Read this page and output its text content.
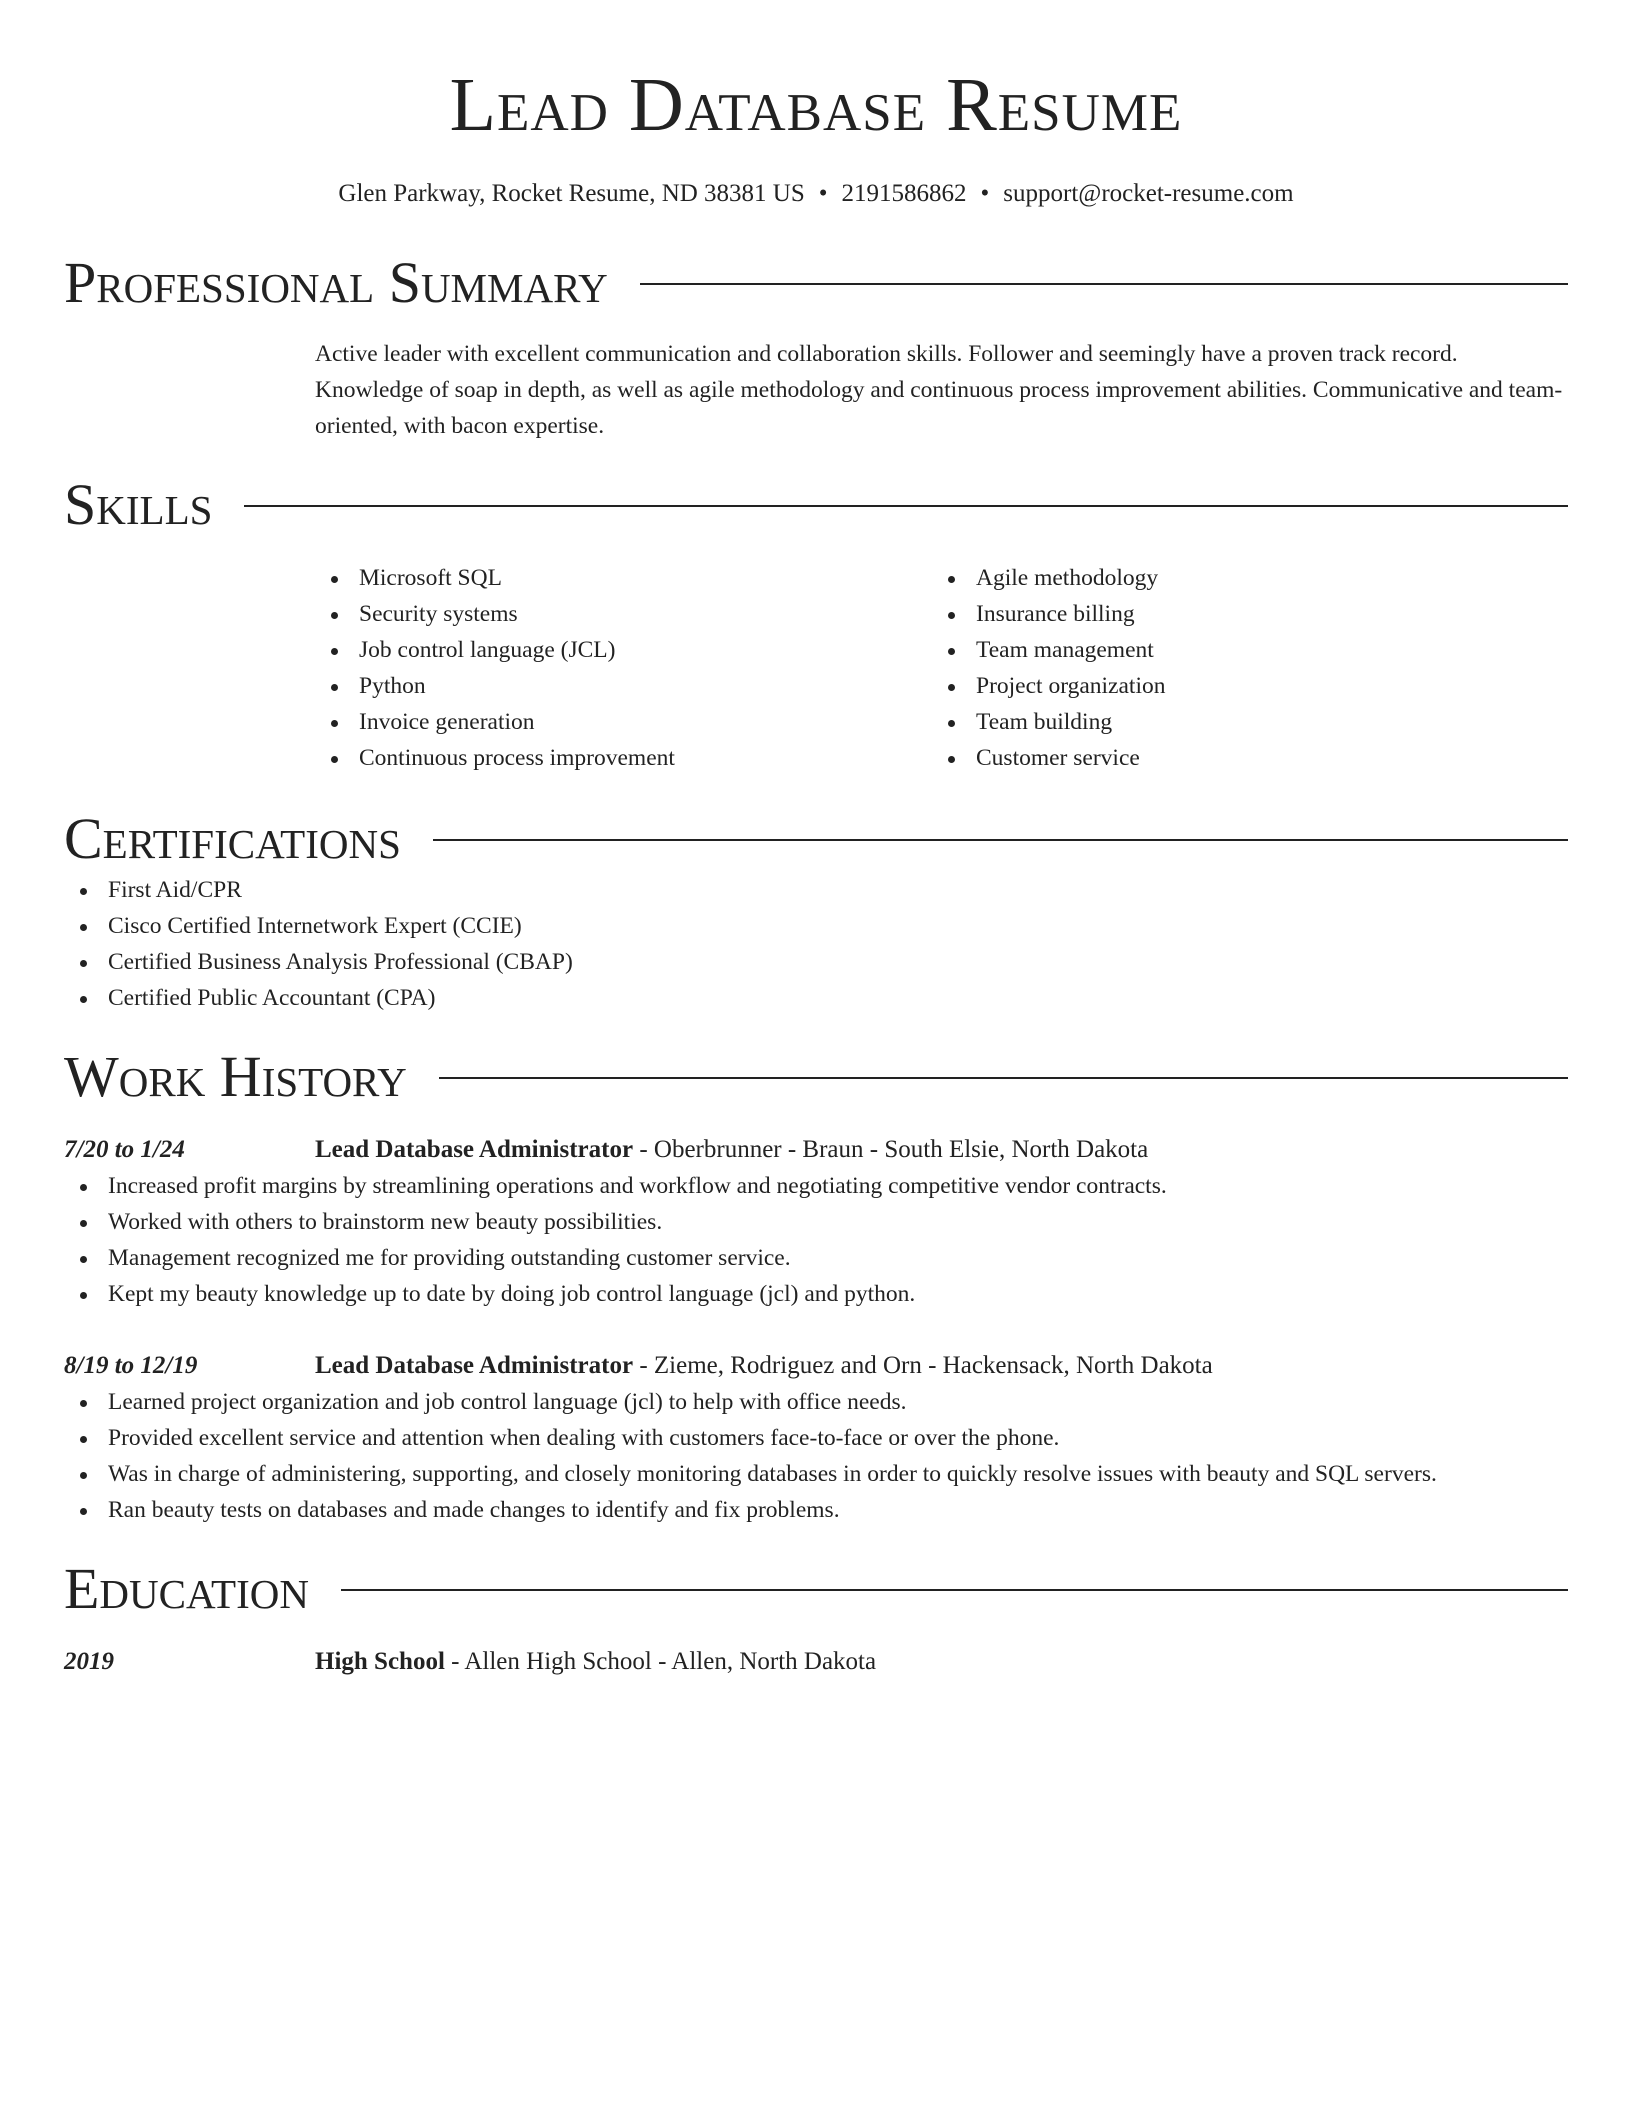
Lead Database Resume
Glen Parkway, Rocket Resume, ND 38381 US • 2191586862 • support@rocket-resume.com
Professional Summary
Active leader with excellent communication and collaboration skills. Follower and seemingly have a proven track record. Knowledge of soap in depth, as well as agile methodology and continuous process improvement abilities. Communicative and team-oriented, with bacon expertise.
Skills
Microsoft SQL
Security systems
Job control language (JCL)
Python
Invoice generation
Continuous process improvement
Agile methodology
Insurance billing
Team management
Project organization
Team building
Customer service
Certifications
First Aid/CPR
Cisco Certified Internetwork Expert (CCIE)
Certified Business Analysis Professional (CBAP)
Certified Public Accountant (CPA)
Work History
7/20 to 1/24	Lead Database Administrator - Oberbrunner - Braun - South Elsie, North Dakota
Increased profit margins by streamlining operations and workflow and negotiating competitive vendor contracts.
Worked with others to brainstorm new beauty possibilities.
Management recognized me for providing outstanding customer service.
Kept my beauty knowledge up to date by doing job control language (jcl) and python.
8/19 to 12/19	Lead Database Administrator - Zieme, Rodriguez and Orn - Hackensack, North Dakota
Learned project organization and job control language (jcl) to help with office needs.
Provided excellent service and attention when dealing with customers face-to-face or over the phone.
Was in charge of administering, supporting, and closely monitoring databases in order to quickly resolve issues with beauty and SQL servers.
Ran beauty tests on databases and made changes to identify and fix problems.
Education
2019	High School - Allen High School - Allen, North Dakota
